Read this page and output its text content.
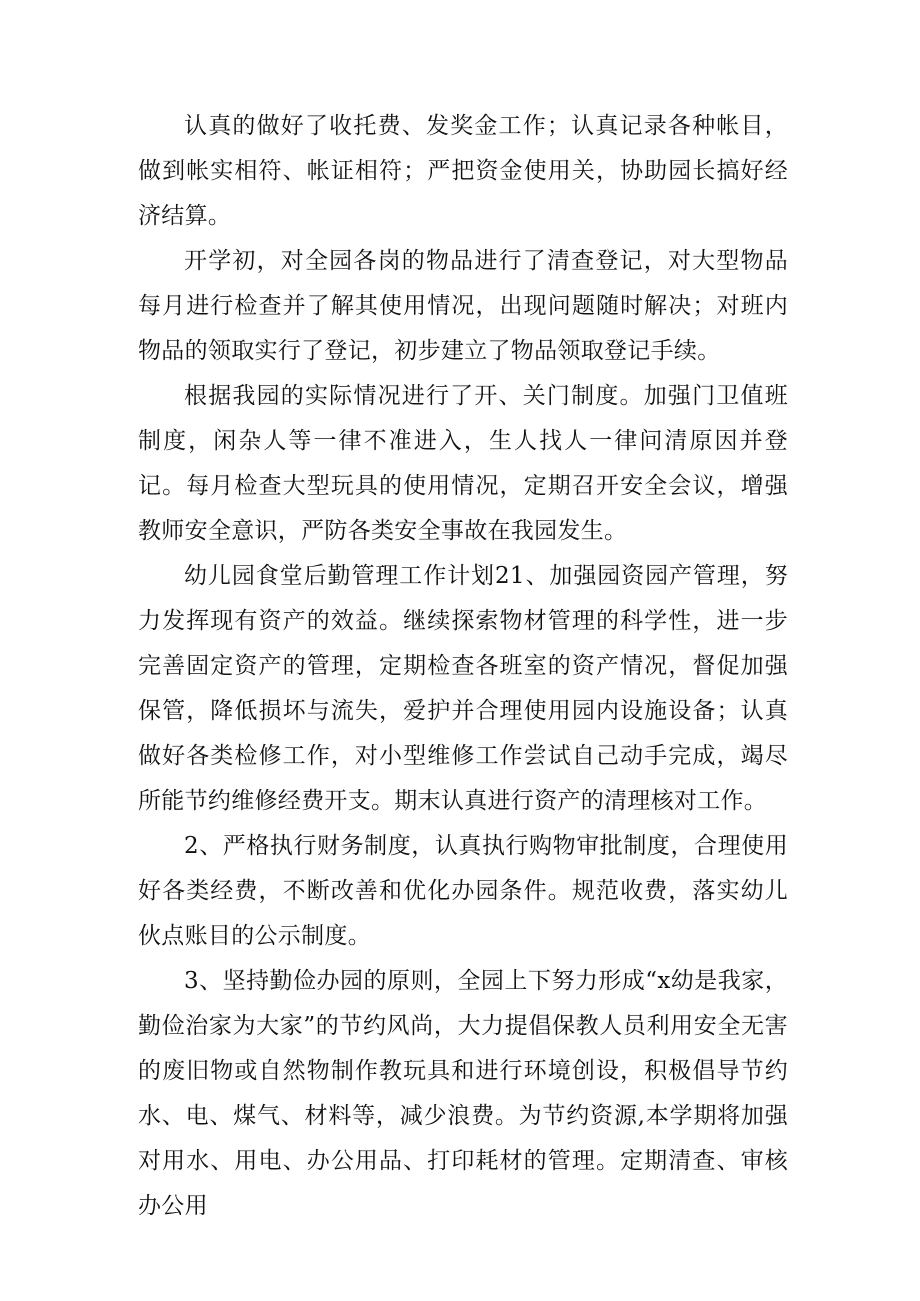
认真的做好了收托费、发奖金工作；认真记录各种帐目，做到帐实相符、帐证相符；严把资金使用关，协助园长搞好经济结算。

开学初，对全园各岗的物品进行了清查登记，对大型物品每月进行检查并了解其使用情况，出现问题随时解决；对班内物品的领取实行了登记，初步建立了物品领取登记手续。

根据我园的实际情况进行了开、关门制度。加强门卫值班制度，闲杂人等一律不准进入，生人找人一律问清原因并登记。每月检查大型玩具的使用情况，定期召开安全会议，增强教师安全意识，严防各类安全事故在我园发生。

幼儿园食堂后勤管理工作计划21、加强园资园产管理，努力发挥现有资产的效益。继续探索物材管理的科学性，进一步完善固定资产的管理，定期检查各班室的资产情况，督促加强保管，降低损坏与流失，爱护并合理使用园内设施设备；认真做好各类检修工作，对小型维修工作尝试自己动手完成，竭尽所能节约维修经费开支。期末认真进行资产的清理核对工作。

2、严格执行财务制度，认真执行购物审批制度，合理使用好各类经费，不断改善和优化办园条件。规范收费，落实幼儿伙点账目的公示制度。

3、坚持勤俭办园的原则，全园上下努力形成“x幼是我家，勤俭治家为大家”的节约风尚，大力提倡保教人员利用安全无害的废旧物或自然物制作教玩具和进行环境创设，积极倡导节约水、电、煤气、材料等，减少浪费。为节约资源,本学期将加强对用水、用电、办公用品、打印耗材的管理。定期清查、审核办公用
